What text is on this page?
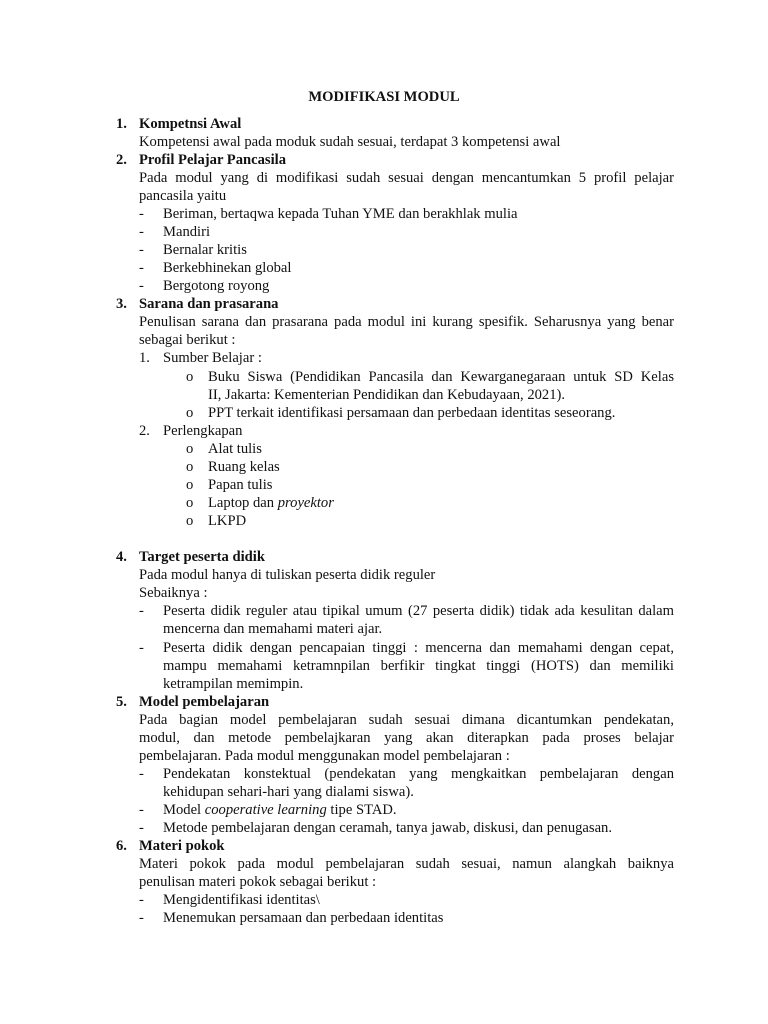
MODIFIKASI MODUL
1. Kompetnsi Awal
Kompetensi awal pada moduk sudah sesuai, terdapat 3 kompetensi awal
2. Profil Pelajar Pancasila
Pada modul yang di modifikasi sudah sesuai dengan mencantumkan 5 profil pelajar
pancasila yaitu
- Beriman, bertaqwa kepada Tuhan YME dan berakhlak mulia
- Mandiri
- Bernalar kritis
- Berkebhinekan global
- Bergotong royong
3. Sarana dan prasarana
Penulisan sarana dan prasarana pada modul ini kurang spesifik. Seharusnya yang benar
sebagai berikut :
1. Sumber Belajar :
o Buku Siswa (Pendidikan Pancasila dan Kewarganegaraan untuk SD Kelas
II, Jakarta: Kementerian Pendidikan dan Kebudayaan, 2021).
o PPT terkait identifikasi persamaan dan perbedaan identitas seseorang.
2. Perlengkapan
o Alat tulis
o Ruang kelas
o Papan tulis
o Laptop dan proyektor
o LKPD
4. Target peserta didik
Pada modul hanya di tuliskan peserta didik reguler
Sebaiknya :
- Peserta didik reguler atau tipikal umum (27 peserta didik) tidak ada kesulitan dalam
mencerna dan memahami materi ajar.
- Peserta didik dengan pencapaian tinggi : mencerna dan memahami dengan cepat,
mampu memahami ketramnpilan berfikir tingkat tinggi (HOTS) dan memiliki
ketrampilan memimpin.
5. Model pembelajaran
Pada bagian model pembelajaran sudah sesuai dimana dicantumkan pendekatan,
modul, dan metode pembelajkaran yang akan diterapkan pada proses belajar
pembelajaran. Pada modul menggunakan model pembelajaran :
- Pendekatan konstektual (pendekatan yang mengkaitkan pembelajaran dengan
kehidupan sehari-hari yang dialami siswa).
- Model cooperative learning tipe STAD.
- Metode pembelajaran dengan ceramah, tanya jawab, diskusi, dan penugasan.
6. Materi pokok
Materi pokok pada modul pembelajaran sudah sesuai, namun alangkah baiknya
penulisan materi pokok sebagai berikut :
- Mengidentifikasi identitas\
- Menemukan persamaan dan perbedaan identitas
